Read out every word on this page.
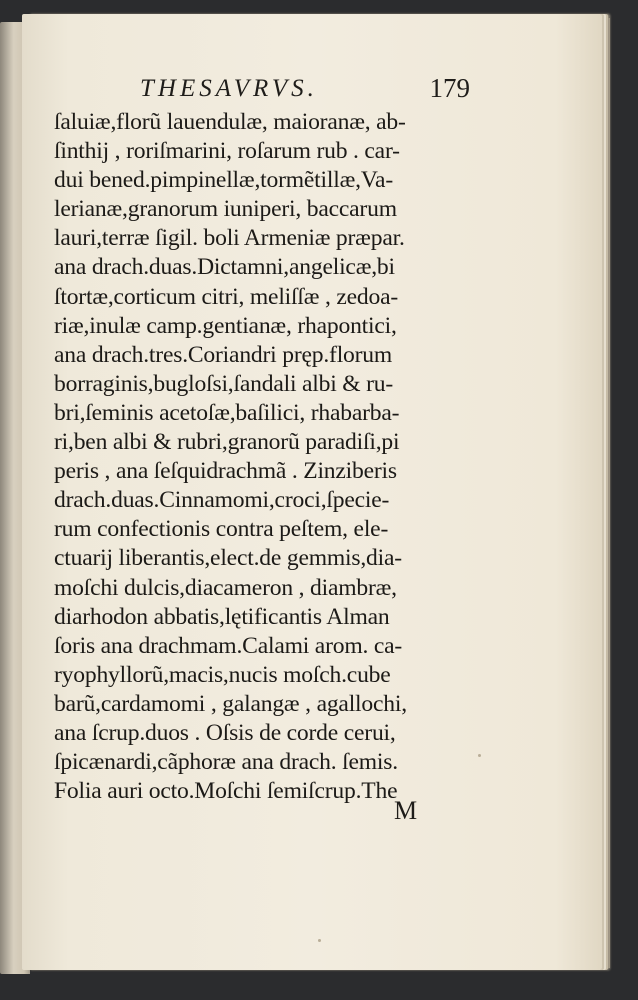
THESAVRVS.	179
ſaluiæ,florũ lauendulæ, maioranæ, ab-
ſinthij , roriſmarini, roſarum rub . car-
dui bened.pimpinellæ,tormẽtillæ,Va-
lerianæ,granorum iuniperi, baccarum
lauri,terræ ſigil. boli Armeniæ præpar.
ana drach.duas.Dictamni,angelicæ,bi
ſtortæ,corticum citri, meliſſæ , zedoa-
riæ,inulæ camp.gentianæ, rhapontici,
ana drach.tres.Coriandri pręp.florum
borraginis,bugloſsi,ſandali albi & ru-
bri,ſeminis acetoſæ,baſilici, rhabarba-
ri,ben albi & rubri,granorũ paradiſi,pi
peris , ana ſeſquidrachmã . Zinziberis
drach.duas.Cinnamomi,croci,ſpecie-
rum confectionis contra peſtem, ele-
ctuarij liberantis,elect.de gemmis,dia-
moſchi dulcis,diacameron , diambræ,
diarhodon abbatis,lętificantis Alman
ſoris ana drachmam.Calami arom. ca-
ryophyllorũ,macis,nucis moſch.cube
barũ,cardamomi , galangæ , agallochi,
ana ſcrup.duos . Oſsis de corde cerui,
ſpicænardi,cãphoræ ana drach. ſemis.
Folia auri octo.Moſchi ſemiſcrup.The
M
